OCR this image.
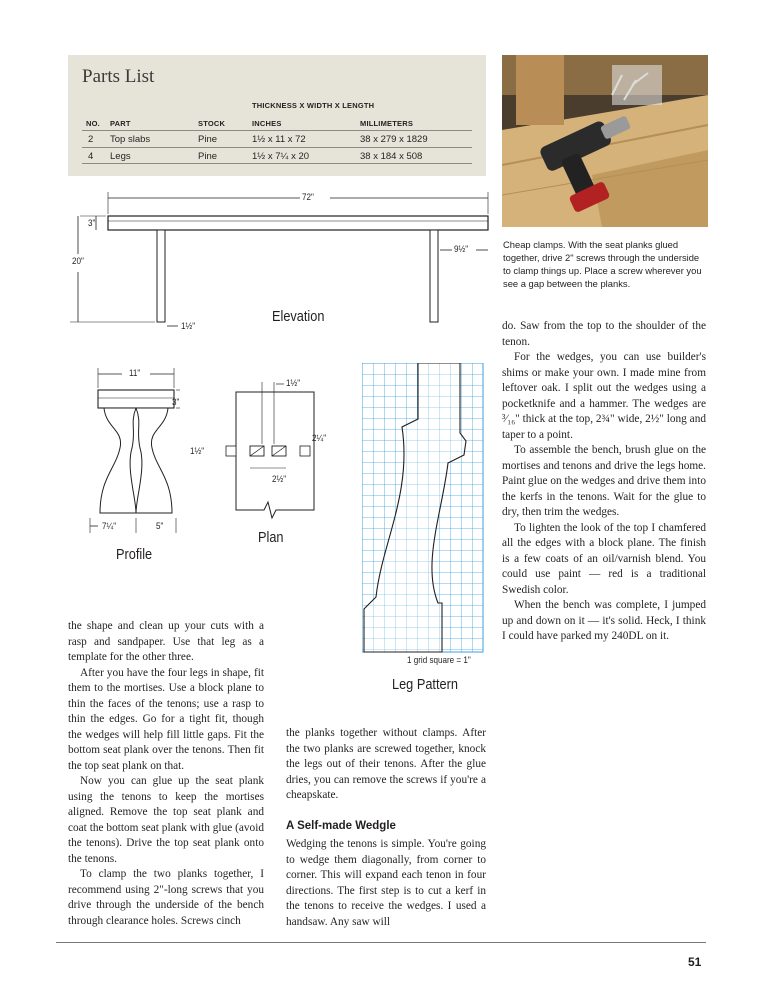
Parts List
THICKNESS X WIDTH X LENGTH
NO. PART	STOCK	INCHES	MILLIMETERS
2 Top slabs	Pine	1½ x 11 x 72	38 x 279 x 1829
4 Legs	Pine	1½ x 7¼ x 20	38 x 184 x 508
Cheap clamps. With the seat planks glued together, drive 2" screws through the underside to clamp things up. Place a screw wherever you see a gap between the planks.
72"
3"
20"
9½"
1½"
Elevation
11"
3"
7¼"	5"
Profile
1½"
1½"
2¼"
2½"
Plan
1 grid square = 1"
Leg Pattern

the shape and clean up your cuts with a rasp and sandpaper. Use that leg as a template for the other three.

After you have the four legs in shape, fit them to the mortises. Use a block plane to thin the faces of the tenons; use a rasp to thin the edges. Go for a tight fit, though the wedges will help fill little gaps. Fit the bottom seat plank over the tenons. Then fit the top seat plank on that.

Now you can glue up the seat plank using the tenons to keep the mortises aligned. Remove the top seat plank and coat the bottom seat plank with glue (avoid the tenons). Drive the top seat plank onto the tenons.

To clamp the two planks together, I recommend using 2"-long screws that you drive through the underside of the bench through clearance holes. Screws cinch

the planks together without clamps. After the two planks are screwed together, knock the legs out of their tenons. After the glue dries, you can remove the screws if you're a cheapskate.

A Self-made Wedgle

Wedging the tenons is simple. You're going to wedge them diagonally, from corner to corner. This will expand each tenon in four directions. The first step is to cut a kerf in the tenons to receive the wedges. I used a handsaw. Any saw will

do. Saw from the top to the shoulder of the tenon.

For the wedges, you can use builder's shims or make your own. I made mine from leftover oak. I split out the wedges using a pocketknife and a hammer. The wedges are ³⁄₁₆" thick at the top, 2¾" wide, 2½" long and taper to a point.

To assemble the bench, brush glue on the mortises and tenons and drive the legs home. Paint glue on the wedges and drive them into the kerfs in the tenons. Wait for the glue to dry, then trim the wedges.

To lighten the look of the top I chamfered all the edges with a block plane. The finish is a few coats of an oil/varnish blend. You could use paint — red is a traditional Swedish color.

When the bench was complete, I jumped up and down on it — it's solid. Heck, I think I could have parked my 240DL on it.

51
